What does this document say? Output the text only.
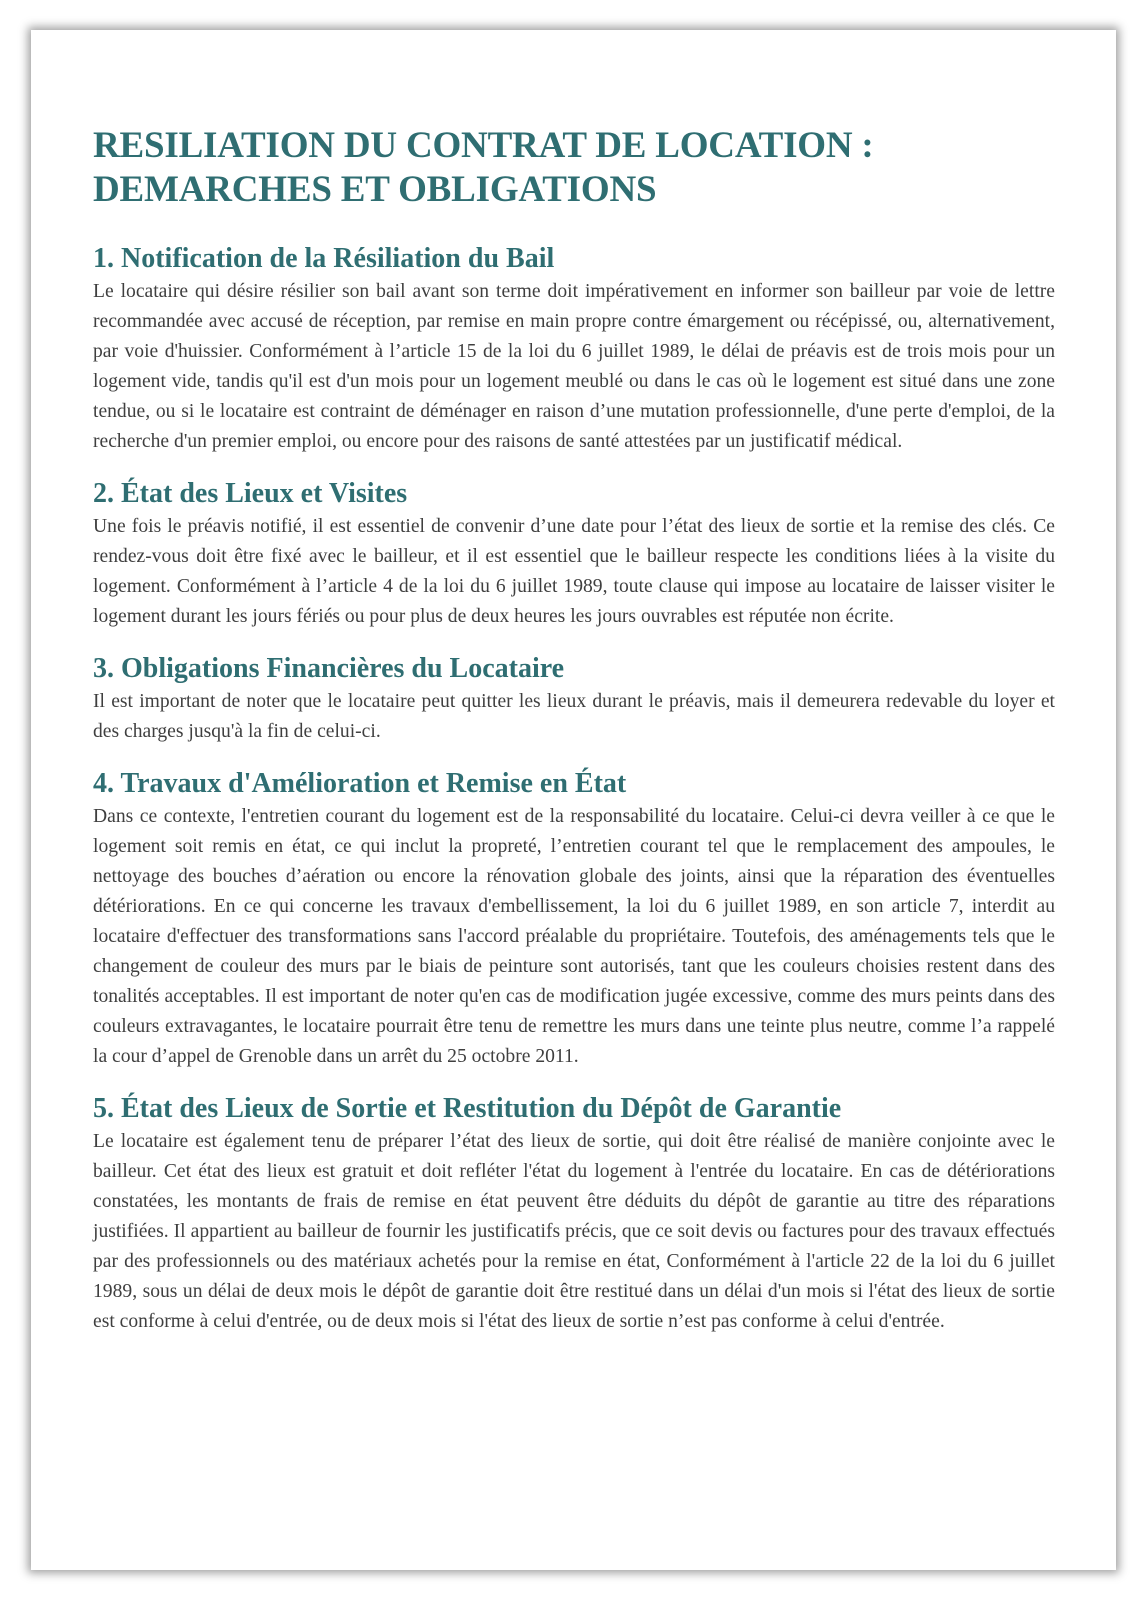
RESILIATION DU CONTRAT DE LOCATION : DEMARCHES ET OBLIGATIONS
1. Notification de la Résiliation du Bail

Le locataire qui désire résilier son bail avant son terme doit impérativement en informer son bailleur par voie de lettre recommandée avec accusé de réception, par remise en main propre contre émargement ou récépissé, ou, alternativement, par voie d'huissier. Conformément à l’article 15 de la loi du 6 juillet 1989, le délai de préavis est de trois mois pour un logement vide, tandis qu'il est d'un mois pour un logement meublé ou dans le cas où le logement est situé dans une zone tendue, ou si le locataire est contraint de déménager en raison d’une mutation professionnelle, d'une perte d'emploi, de la recherche d'un premier emploi, ou encore pour des raisons de santé attestées par un justificatif médical.

2. État des Lieux et Visites

Une fois le préavis notifié, il est essentiel de convenir d’une date pour l’état des lieux de sortie et la remise des clés. Ce rendez-vous doit être fixé avec le bailleur, et il est essentiel que le bailleur respecte les conditions liées à la visite du logement. Conformément à l’article 4 de la loi du 6 juillet 1989, toute clause qui impose au locataire de laisser visiter le logement durant les jours fériés ou pour plus de deux heures les jours ouvrables est réputée non écrite.

3. Obligations Financières du Locataire

Il est important de noter que le locataire peut quitter les lieux durant le préavis, mais il demeurera redevable du loyer et des charges jusqu'à la fin de celui-ci.

4. Travaux d'Amélioration et Remise en État

Dans ce contexte, l'entretien courant du logement est de la responsabilité du locataire. Celui-ci devra veiller à ce que le logement soit remis en état, ce qui inclut la propreté, l’entretien courant tel que le remplacement des ampoules, le nettoyage des bouches d’aération ou encore la rénovation globale des joints, ainsi que la réparation des éventuelles détériorations. En ce qui concerne les travaux d'embellissement, la loi du 6 juillet 1989, en son article 7, interdit au locataire d'effectuer des transformations sans l'accord préalable du propriétaire. Toutefois, des aménagements tels que le changement de couleur des murs par le biais de peinture sont autorisés, tant que les couleurs choisies restent dans des tonalités acceptables. Il est important de noter qu'en cas de modification jugée excessive, comme des murs peints dans des couleurs extravagantes, le locataire pourrait être tenu de remettre les murs dans une teinte plus neutre, comme l’a rappelé la cour d’appel de Grenoble dans un arrêt du 25 octobre 2011.

5. État des Lieux de Sortie et Restitution du Dépôt de Garantie

Le locataire est également tenu de préparer l’état des lieux de sortie, qui doit être réalisé de manière conjointe avec le bailleur. Cet état des lieux est gratuit et doit refléter l'état du logement à l'entrée du locataire. En cas de détériorations constatées, les montants de frais de remise en état peuvent être déduits du dépôt de garantie au titre des réparations justifiées. Il appartient au bailleur de fournir les justificatifs précis, que ce soit devis ou factures pour des travaux effectués par des professionnels ou des matériaux achetés pour la remise en état, Conformément à l'article 22 de la loi du 6 juillet 1989, sous un délai de deux mois le dépôt de garantie doit être restitué dans un délai d'un mois si l'état des lieux de sortie est conforme à celui d'entrée, ou de deux mois si l'état des lieux de sortie n’est pas conforme à celui d'entrée.
